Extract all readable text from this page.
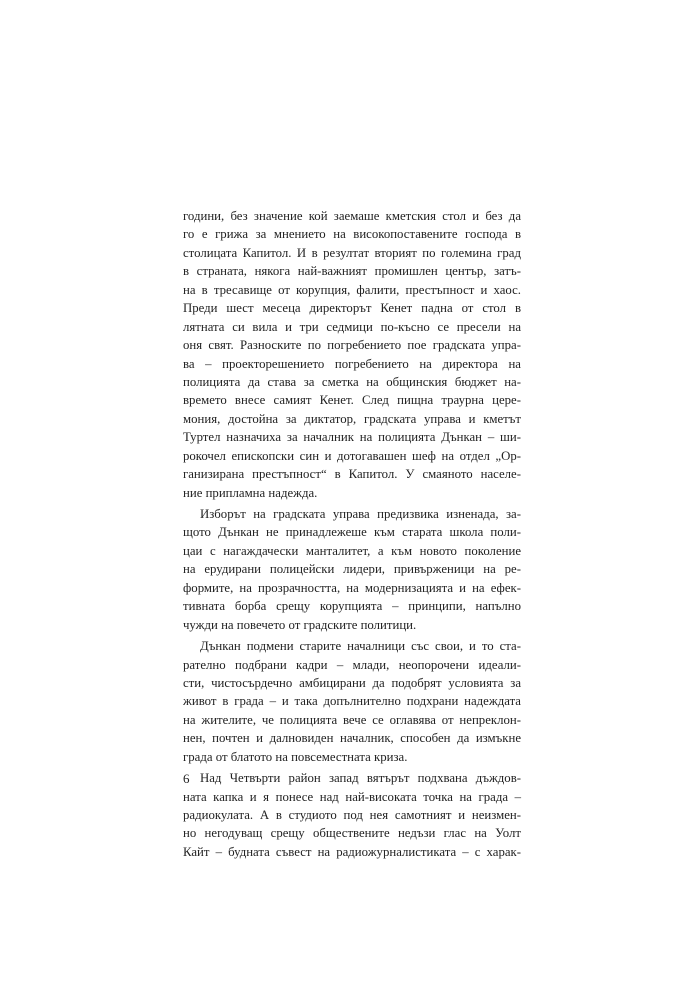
години, без значение кой заемаше кметския стол и без да
го е грижа за мнението на високопоставените господа в
столицата Капитол. И в резултат вторият по големина град
в страната, някога най-важният промишлен център, затъ-
на в тресавище от корупция, фалити, престъпност и хаос.
Преди шест месеца директорът Кенет падна от стол в
лятната си вила и три седмици по-късно се пресели на
оня свят. Разноските по погребението пое градската упра-
ва – проекторешението погребението на директора на
полицията да става за сметка на общинския бюджет на-
времето внесе самият Кенет. След пищна траурна цере-
мония, достойна за диктатор, градската управа и кметът
Туртел назначиха за началник на полицията Дънкан – ши-
рокочел епископски син и дотогавашен шеф на отдел „Ор-
ганизирана престъпност“ в Капитол. У смаяното населе-
ние припламна надежда.
Изборът на градската управа предизвика изненада, за-
щото Дънкан не принадлежеше към старата школа поли-
цаи с нагаждачески манталитет, а към новото поколение
на ерудирани полицейски лидери, привърженици на ре-
формите, на прозрачността, на модернизацията и на ефек-
тивната борба срещу корупцията – принципи, напълно
чужди на повечето от градските политици.
Дънкан подмени старите началници със свои, и то ста-
рателно подбрани кадри – млади, неопорочени идеали-
сти, чистосърдечно амбицирани да подобрят условията за
живот в града – и така допълнително подхрани надеждата
на жителите, че полицията вече се оглавява от непреклон-
нен, почтен и далновиден началник, способен да измъкне
града от блатото на повсеместната криза.
Над Четвърти район запад вятърът подхвана дъждов-
ната капка и я понесе над най-високата точка на града –
радиокулата. А в студиото под нея самотният и неизмен-
но негодуващ срещу обществените недъзи глас на Уолт
Кайт – будната съвест на радиожурналистиката – с харак-
6
